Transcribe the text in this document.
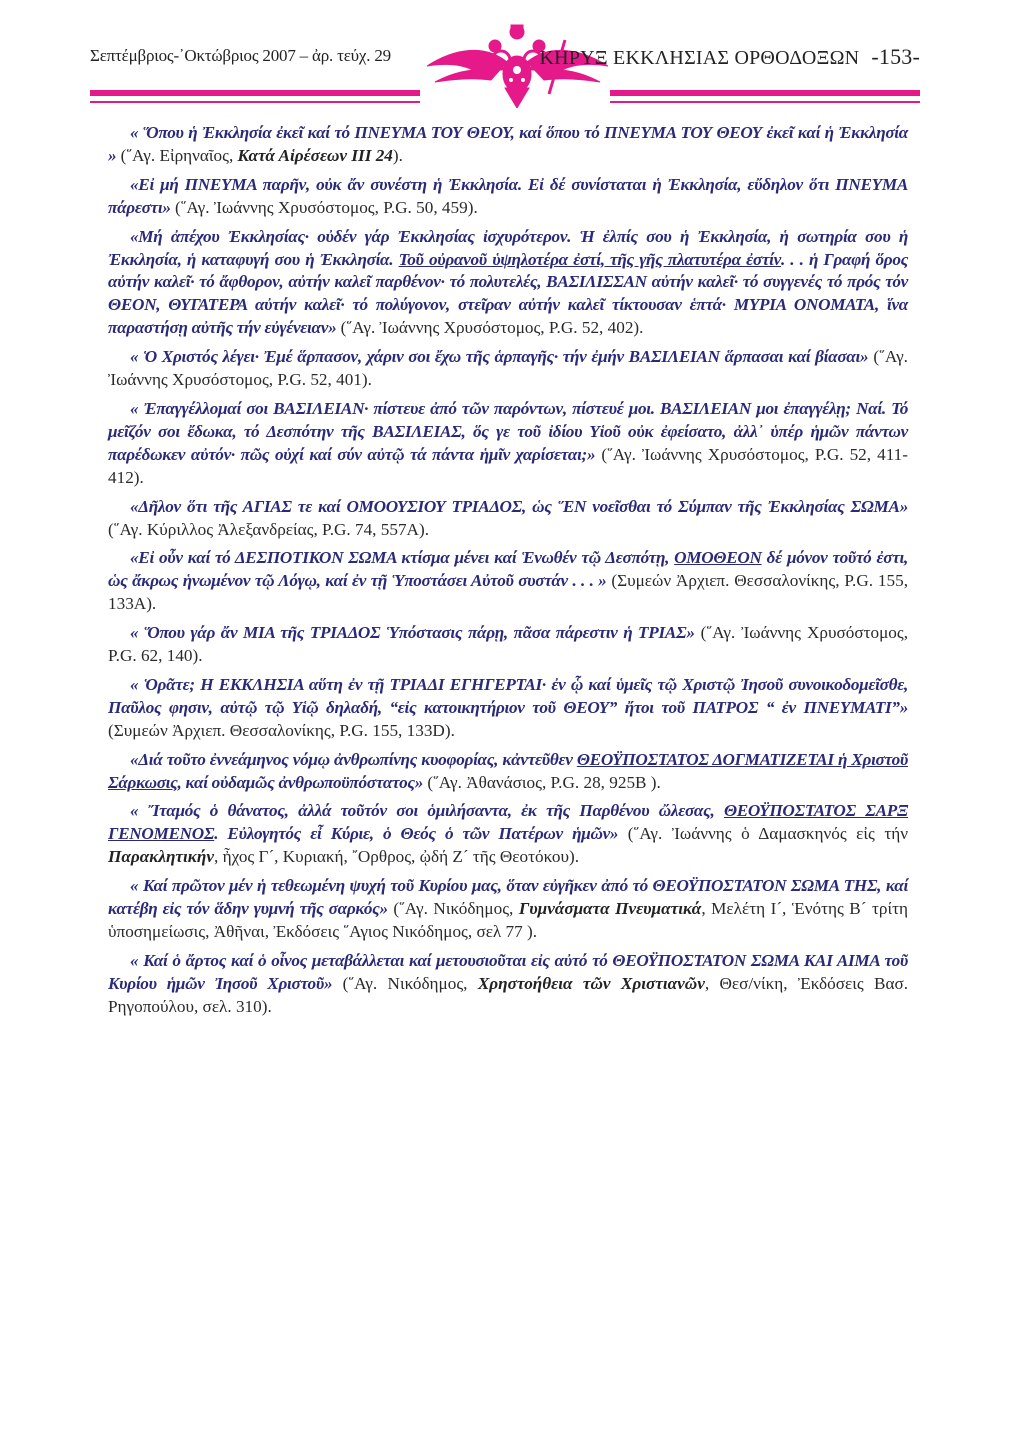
Σεπτέμβριος-᾿Οκτώβριος 2007 – ἀρ. τεύχ. 29	ΚΗΡΥΞ ΕΚΚΛΗΣΙΑΣ ΟΡΘΟΔΟΞΩΝ -153-

« Ὅπου ἡ Ἐκκλησία ἐκεῖ καί τό ΠΝΕΥΜΑ ΤΟΥ ΘΕΟΥ, καί ὅπου τό ΠΝΕΥΜΑ ΤΟΥ ΘΕΟΥ ἐκεῖ καί ἡ Ἐκκλησία » (῞Αγ. Εἰρηναῖος, Κατά Αἱρέσεων ΙΙΙ 24).

«Εἰ μή ΠΝΕΥΜΑ παρῆν, οὐκ ἄν συνέστη ἡ Ἐκκλησία. Εἰ δέ συνίσταται ἡ Ἐκκλησία, εὔδηλον ὅτι ΠΝΕΥΜΑ πάρεστι» (῞Αγ. Ἰωάννης Χρυσόστομος, P.G. 50, 459).

«Μή ἀπέχου Ἐκκλησίας· οὐδέν γάρ Ἐκκλησίας ἰσχυρότερον. Ἡ ἐλπίς σου ἡ Ἐκκλησία, ἡ σωτηρία σου ἡ Ἐκκλησία, ἡ καταφυγή σου ἡ Ἐκκλησία. Τοῦ οὐρανοῦ ὑψηλοτέρα ἐστί, τῆς γῆς πλατυτέρα ἐστίν. . . ἡ Γραφή ὅρος αὐτήν καλεῖ· τό ἄφθορον, αὐτήν καλεῖ παρθένον· τό πολυτελές, ΒΑΣΙΛΙΣΣΑΝ αὐτήν καλεῖ· τό συγγενές τό πρός τόν ΘΕΟΝ, ΘΥΓΑΤΕΡΑ αὐτήν καλεῖ· τό πολύγονον, στεῖραν αὐτήν καλεῖ τίκτουσαν ἑπτά· ΜΥΡΙΑ ΟΝΟΜΑΤΑ, ἵνα παραστήσῃ αὐτῆς τήν εὐγένειαν» (῞Αγ. Ἰωάννης Χρυσόστομος, P.G. 52, 402).

« Ὁ Χριστός λέγει· Ἐμέ ἅρπασον, χάριν σοι ἔχω τῆς ἁρπαγῆς· τήν ἐμήν ΒΑΣΙΛΕΙΑΝ ἅρπασαι καί βίασαι» (῞Αγ. Ἰωάννης Χρυσόστομος, P.G. 52, 401).

« Ἐπαγγέλλομαί σοι ΒΑΣΙΛΕΙΑΝ· πίστευε ἀπό τῶν παρόντων, πίστευέ μοι. ΒΑΣΙΛΕΙΑΝ μοι ἐπαγγέλῃ; Ναί. Τό μεῖζόν σοι ἔδωκα, τό Δεσπότην τῆς ΒΑΣΙΛΕΙΑΣ, ὅς γε τοῦ ἰδίου Υἱοῦ οὐκ ἐφείσατο, ἀλλ᾿ ὑπέρ ἡμῶν πάντων παρέδωκεν αὐτόν· πῶς οὐχί καί σύν αὐτῷ τά πάντα ἡμῖν χαρίσεται;» (῞Αγ. Ἰωάννης Χρυσόστομος, P.G. 52, 411- 412).

«Δῆλον ὅτι τῆς ΑΓΙΑΣ τε καί ΟΜΟΟΥΣΙΟΥ ΤΡΙΑΔΟΣ, ὡς ἝΝ νοεῖσθαι τό Σύμπαν τῆς Ἐκκλησίας ΣΩΜΑ» (῞Αγ. Κύριλλος Ἀλεξανδρείας, P.G. 74, 557A).

«Εἰ οὖν καί τό ΔΕΣΠΟΤΙΚΟΝ ΣΩΜΑ κτίσμα μένει καί Ἑνωθέν τῷ Δεσπότῃ, ΟΜΟΘΕΟΝ δέ μόνον τοῦτό ἐστι, ὡς ἄκρως ἡνωμένον τῷ Λόγῳ, καί ἐν τῇ Ὑποστάσει Αὐτοῦ συστάν . . . » (Συμεών Ἀρχιεπ. Θεσσαλονίκης, P.G. 155, 133A).

« Ὅπου γάρ ἄν ΜΙΑ τῆς ΤΡΙΑΔΟΣ Ὑπόστασις πάρῃ, πᾶσα πάρεστιν ἡ ΤΡΙΑΣ» (῞Αγ. Ἰωάννης Χρυσόστομος, P.G. 62, 140).

« Ὁρᾶτε; Η ΕΚΚΛΗΣΙΑ αὕτη ἐν τῇ ΤΡΙΑΔΙ ΕΓΗΓΕΡΤΑΙ· ἐν ᾧ καί ὑμεῖς τῷ Χριστῷ Ἰησοῦ συνοικοδομεῖσθε, Παῦλος φησιν, αὐτῷ τῷ Υἱῷ δηλαδή, “εἰς κατοικητήριον τοῦ ΘΕΟΥ” ἤτοι τοῦ ΠΑΤΡΟΣ “ ἐν ΠΝΕΥΜΑΤΙ”» (Συμεών Ἀρχιεπ. Θεσσαλονίκης, P.G. 155, 133D).

«Διά τοῦτο ἐννεάμηνος νόμῳ ἀνθρωπίνης κυοφορίας, κἀντεῦθεν ΘΕΟΫΠΟΣΤΑΤΟΣ ΔΟΓΜΑΤΙΖΕΤΑΙ ἡ Χριστοῦ Σάρκωσις, καί οὐδαμῶς ἀνθρωποϋπόστατος» (῞Αγ. Ἀθανάσιος, P.G. 28, 925B ).

« Ἴταμός ὁ θάνατος, ἀλλά τοῦτόν σοι ὁμιλήσαντα, ἐκ τῆς Παρθένου ὤλεσας, ΘΕΟΫΠΟΣΤΑΤΟΣ ΣΑΡΞ ΓΕΝΟΜΕΝΟΣ. Εὐλογητός εἶ Κύριε, ὁ Θεός ὁ τῶν Πατέρων ἡμῶν» (῞Αγ. Ἰωάννης ὁ Δαμασκηνός εἰς τήν Παρακλητικήν, ἦχος Γ´, Κυριακή, ῎Ορθρος, ᾠδή Ζ´ τῆς Θεοτόκου).

« Καί πρῶτον μέν ἡ τεθεωμένη ψυχή τοῦ Κυρίου μας, ὅταν εὐγῆκεν ἀπό τό ΘΕΟΫΠΟΣΤΑΤΟΝ ΣΩΜΑ ΤΗΣ, καί κατέβη εἰς τόν ἅδην γυμνή τῆς σαρκός» (῞Αγ. Νικόδημος, Γυμνάσματα Πνευματικά, Μελέτη Ι´, Ἑνότης Β´ τρίτη ὑποσημείωσις, Ἀθῆναι, Ἐκδόσεις ῞Αγιος Νικόδημος, σελ 77 ).

« Καί ὁ ἄρτος καί ὁ οἶνος μεταβάλλεται καί μετουσιοῦται εἰς αὐτό τό ΘΕΟΫΠΟΣΤΑΤΟΝ ΣΩΜΑ ΚΑΙ ΑΙΜΑ τοῦ Κυρίου ἡμῶν Ἰησοῦ Χριστοῦ» (῞Αγ. Νικόδημος, Χρηστοήθεια τῶν Χριστιανῶν, Θεσ/νίκη, Ἐκδόσεις Βασ. Ρηγοπούλου, σελ. 310).
